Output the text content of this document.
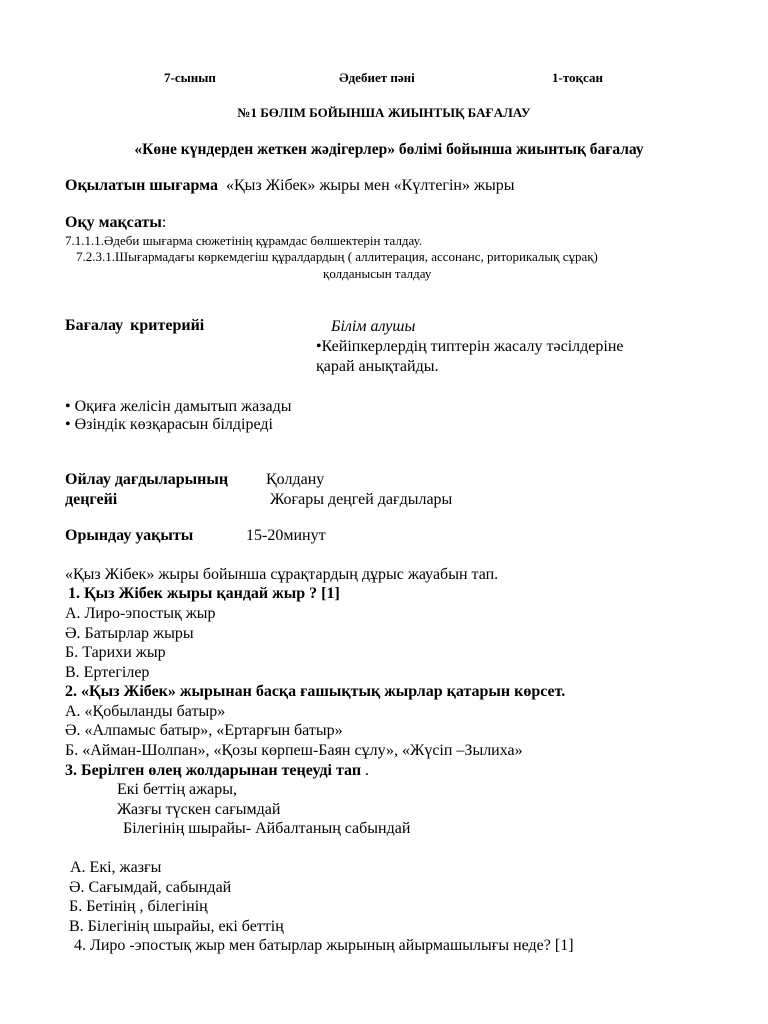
7-сынып	Әдебиет пәні	1-тоқсан
№1 БӨЛІМ БОЙЫНША ЖИЫНТЫҚ БАҒАЛАУ
«Көне күндерден жеткен жәдігерлер» бөлімі бойынша жиынтық бағалау
Оқылатын шығарма «Қыз Жібек» жыры мен «Күлтегін» жыры
Оқу мақсаты:
7.1.1.1.Әдеби шығарма сюжетінің құрамдас бөлшектерін талдау.
7.2.3.1.Шығармадағы көркемдегіш құралдардың ( аллитерация, ассонанс, риторикалық сұрақ)
қолданысын талдау
Бағалау критерийі	Білім алушы
•Кейіпкерлердің типтерін жасалу тәсілдеріне
қарай анықтайды.
• Оқиға желісін дамытып жазады
• Өзіндік көзқарасын білдіреді
Ойлау дағдыларының Қолдану
деңгейі	Жоғары деңгей дағдылары
Орындау уақыты	15-20минут
«Қыз Жібек» жыры бойынша сұрақтардың дұрыс жауабын тап.
1. Қыз Жібек жыры қандай жыр ? [1]
А. Лиро-эпостық жыр
Ә. Батырлар жыры
Б. Тарихи жыр
В. Ертегілер
2. «Қыз Жібек» жырынан басқа ғашықтық жырлар қатарын көрсет.
А. «Қобыланды батыр»
Ә. «Алпамыс батыр», «Ертарғын батыр»
Б. «Айман-Шолпан», «Қозы көрпеш-Баян сұлу», «Жүсіп –Зылиха»
3. Берілген өлең жолдарынан теңеуді тап .
Екі беттің ажары,
Жазғы түскен сағымдай
Білегінің шырайы- Айбалтаның сабындай
А. Екі, жазғы
Ә. Сағымдай, сабындай
Б. Бетінің , білегінің
В. Білегінің шырайы, екі беттің
4. Лиро -эпостық жыр мен батырлар жырының айырмашылығы неде? [1]
